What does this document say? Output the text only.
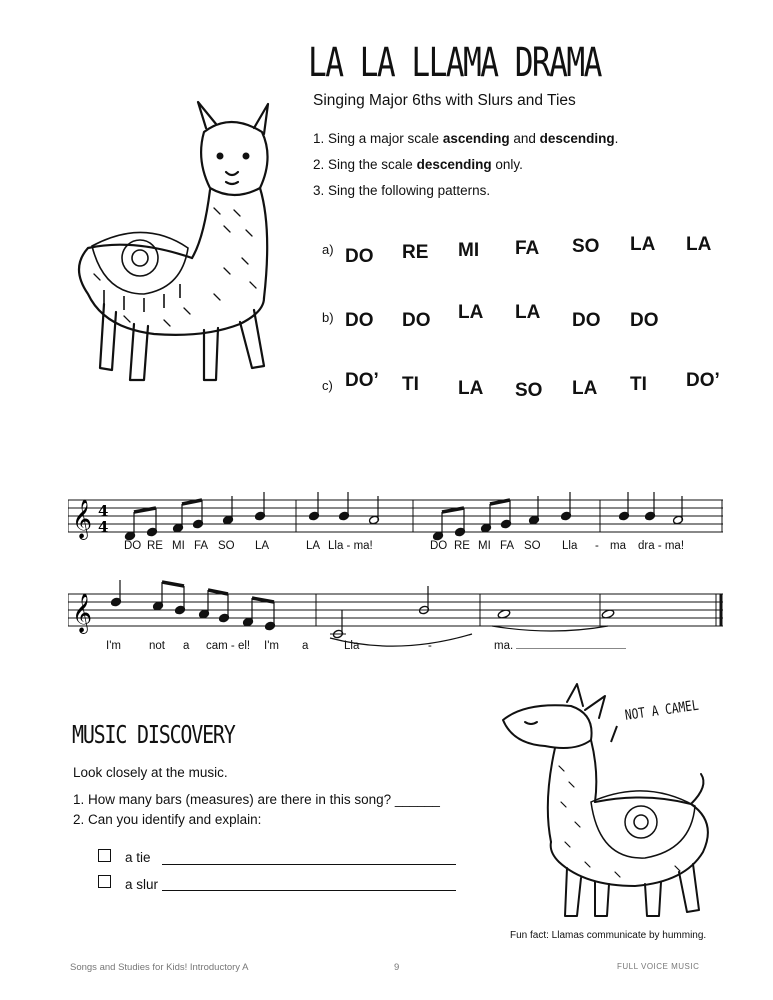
LA LA LLAMA DRAMA
Singing Major 6ths with Slurs and Ties
1. Sing a major scale ascending and descending.
2. Sing the scale descending only.
3. Sing the following patterns.
a) DO RE MI FA SO LA LA
b) DO DO LA LA DO DO
c) DO’ TI LA SO LA TI DO’
𝄞 4
4
DO RE MI FA SO LA	LA Lla - ma!	DO RE MI FA SO Lla - ma dra - ma!
𝄞
I'm not a cam - el! I'm a	Lla	-	ma.
MUSIC DISCOVERY
Look closely at the music.
1. How many bars (measures) are there in this song? ______
2. Can you identify and explain:
a tie
a slur
NOT A CAMEL
Fun fact: Llamas communicate by humming.
Songs and Studies for Kids! Introductory A	9	FULL VOICE MUSIC
